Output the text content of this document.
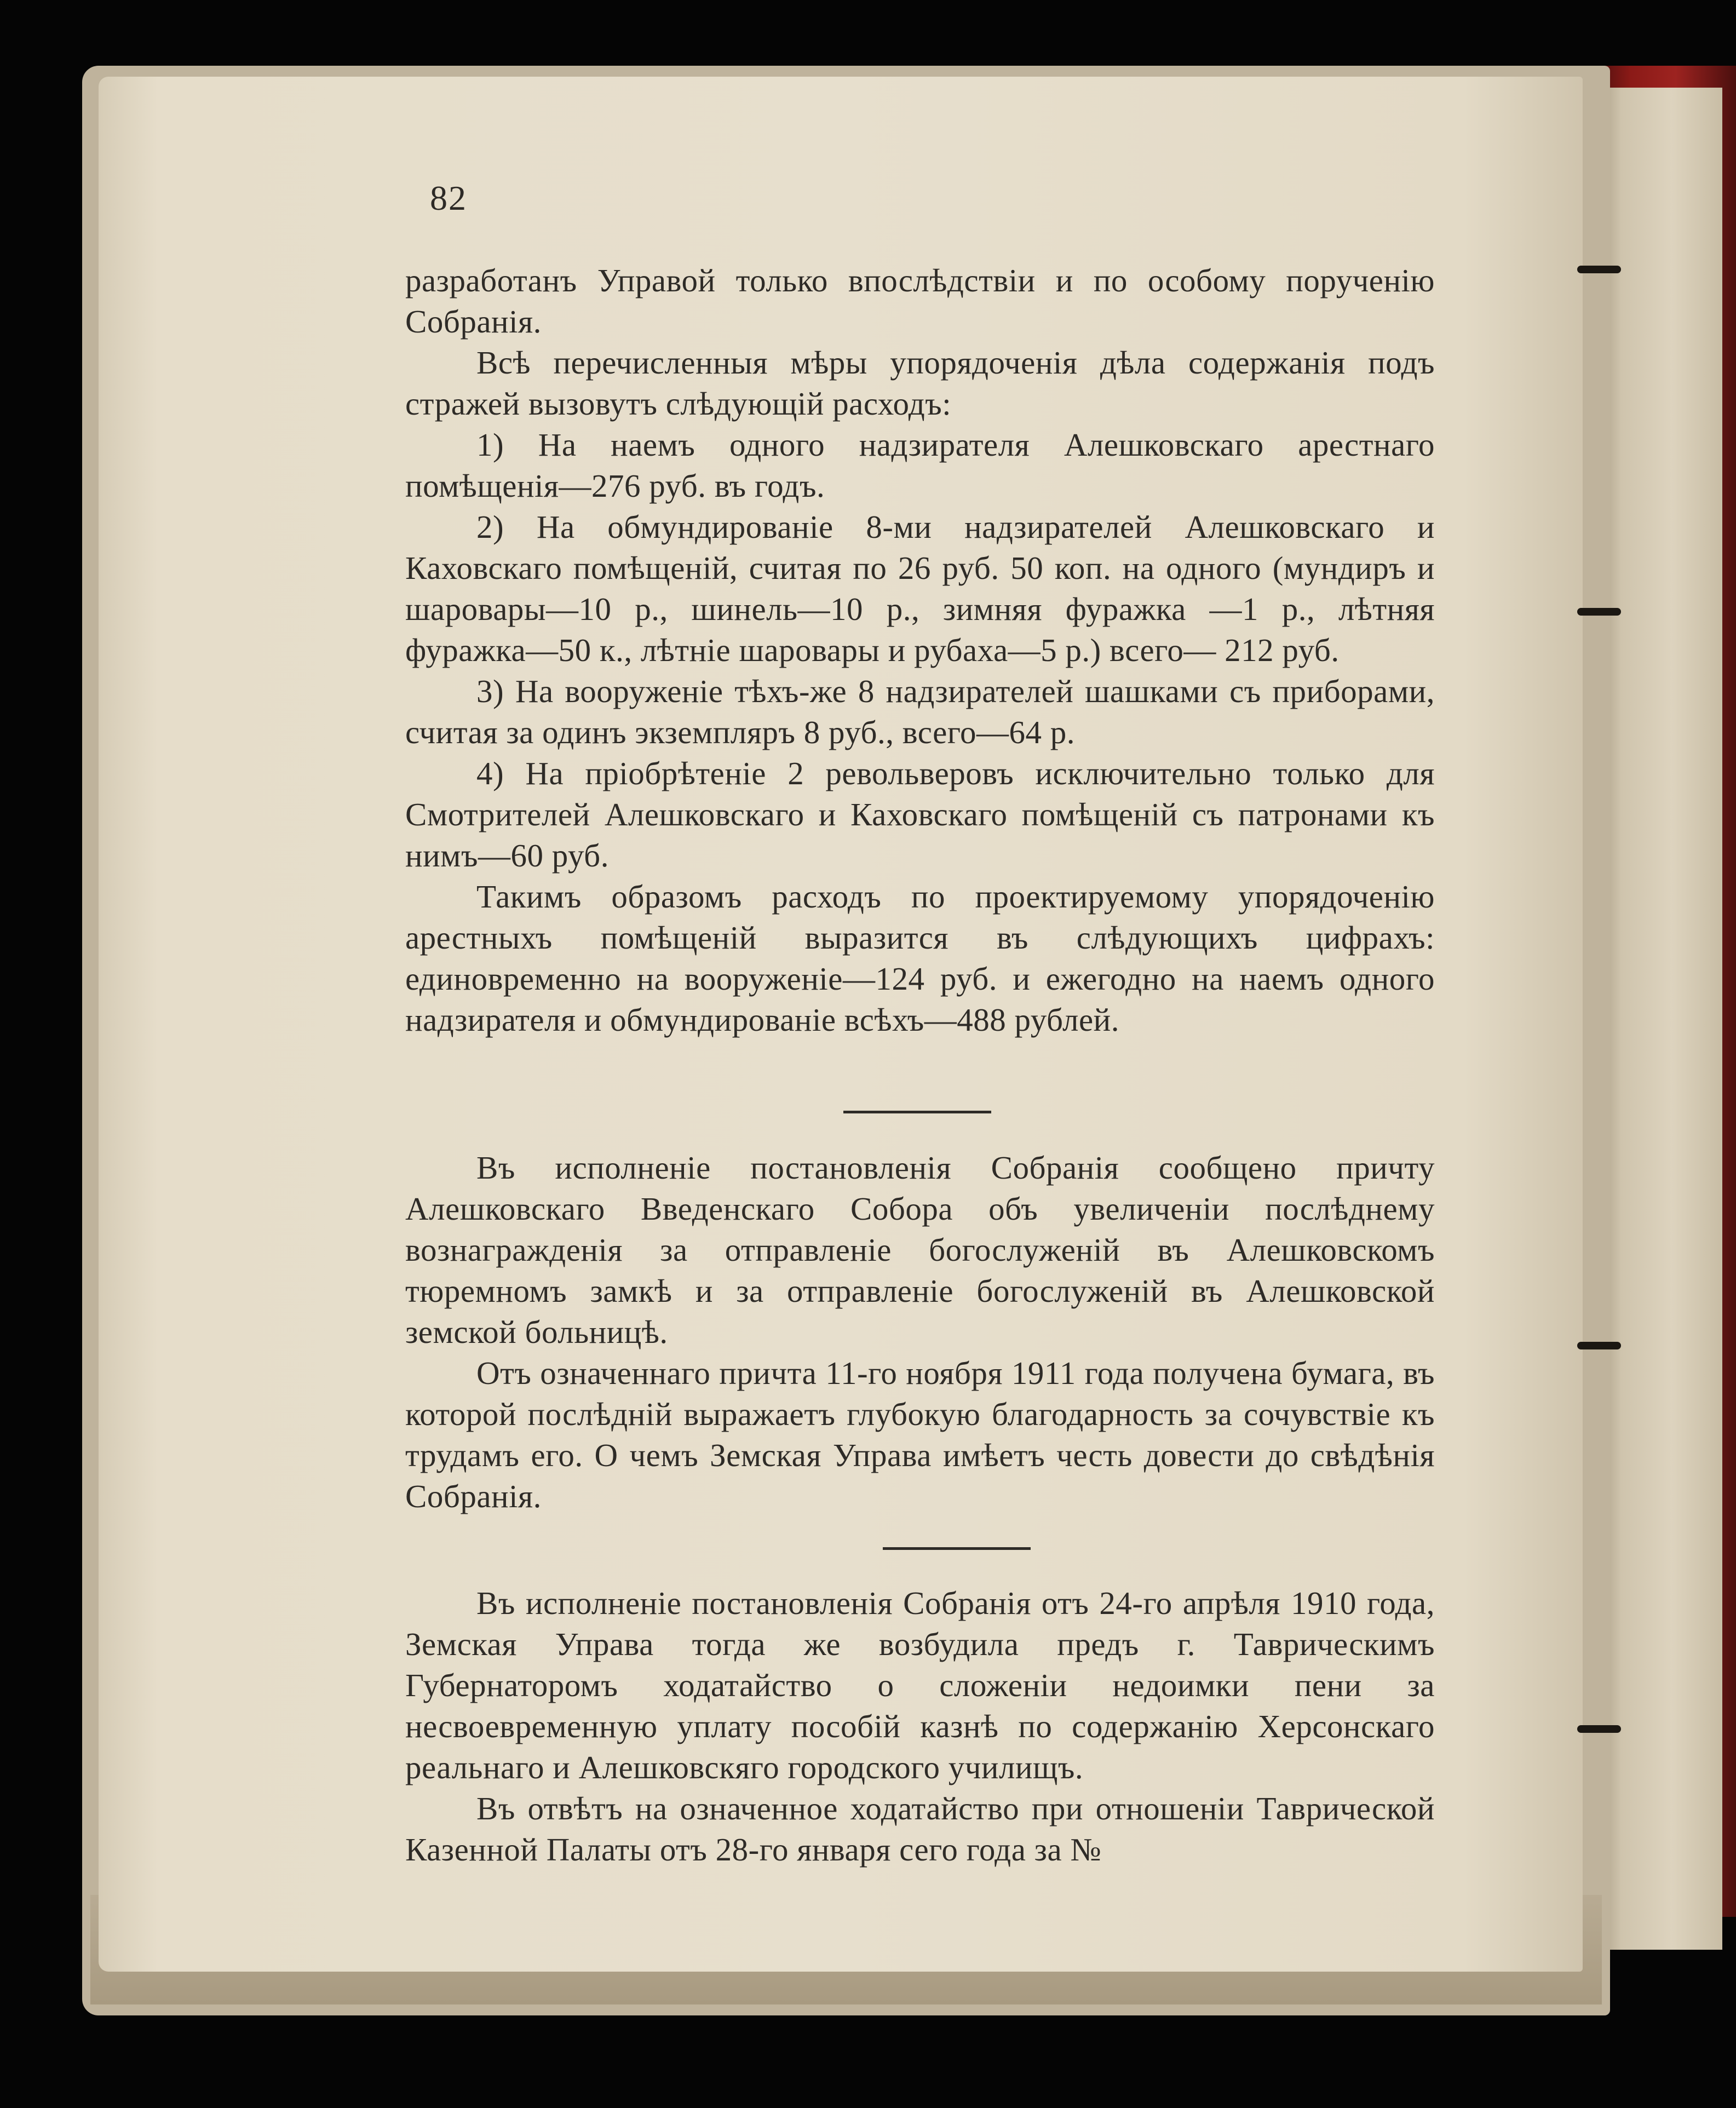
82

разработанъ Управой только впослѣдствіи и по особому порученію Собранія.

Всѣ перечисленныя мѣры упорядоченія дѣла содержанія подъ стражей вызовутъ слѣдующій расходъ:

1) На наемъ одного надзирателя Алешковскаго арестнаго помѣщенія—276 руб. въ годъ.

2) На обмундированіе 8-ми надзирателей Алешковскаго и Каховскаго помѣщеній, считая по 26 руб. 50 коп. на одного (мундиръ и шаровары—10 р., шинель—10 р., зимняя фуражка —1 р., лѣтняя фуражка—50 к., лѣтніе шаровары и рубаха—5 р.) всего— 212 руб.

3) На вооруженіе тѣхъ-же 8 надзирателей шашками съ приборами, считая за одинъ экземпляръ 8 руб., всего—64 р.

4) На пріобрѣтеніе 2 револьверовъ исключительно только для Смотрителей Алешковскаго и Каховскаго помѣщеній съ патронами къ нимъ—60 руб.

Такимъ образомъ расходъ по проектируемому упорядоченію арестныхъ помѣщеній выразится въ слѣдующихъ цифрахъ: единовременно на вооруженіе—124 руб. и ежегодно на наемъ одного надзирателя и обмундированіе всѣхъ—488 рублей.

Въ исполненіе постановленія Собранія сообщено причту Алешковскаго Введенскаго Собора объ увеличеніи послѣднему вознагражденія за отправленіе богослуженій въ Алешковскомъ тюремномъ замкѣ и за отправленіе богослуженій въ Алешковской земской больницѣ.

Отъ означеннаго причта 11-го ноября 1911 года получена бумага, въ которой послѣдній выражаетъ глубокую благодарность за сочувствіе къ трудамъ его. О чемъ Земская Управа имѣетъ честь довести до свѣдѣнія Собранія.

Въ исполненіе постановленія Собранія отъ 24-го апрѣля 1910 года, Земская Управа тогда же возбудила предъ г. Таврическимъ Губернаторомъ ходатайство о сложеніи недоимки пени за несвоевременную уплату пособій казнѣ по содержанію Херсонскаго реальнаго и Алешковскяго городского училищъ.

Въ отвѣтъ на означенное ходатайство при отношеніи Таврической Казенной Палаты отъ 28-го января сего года за №
